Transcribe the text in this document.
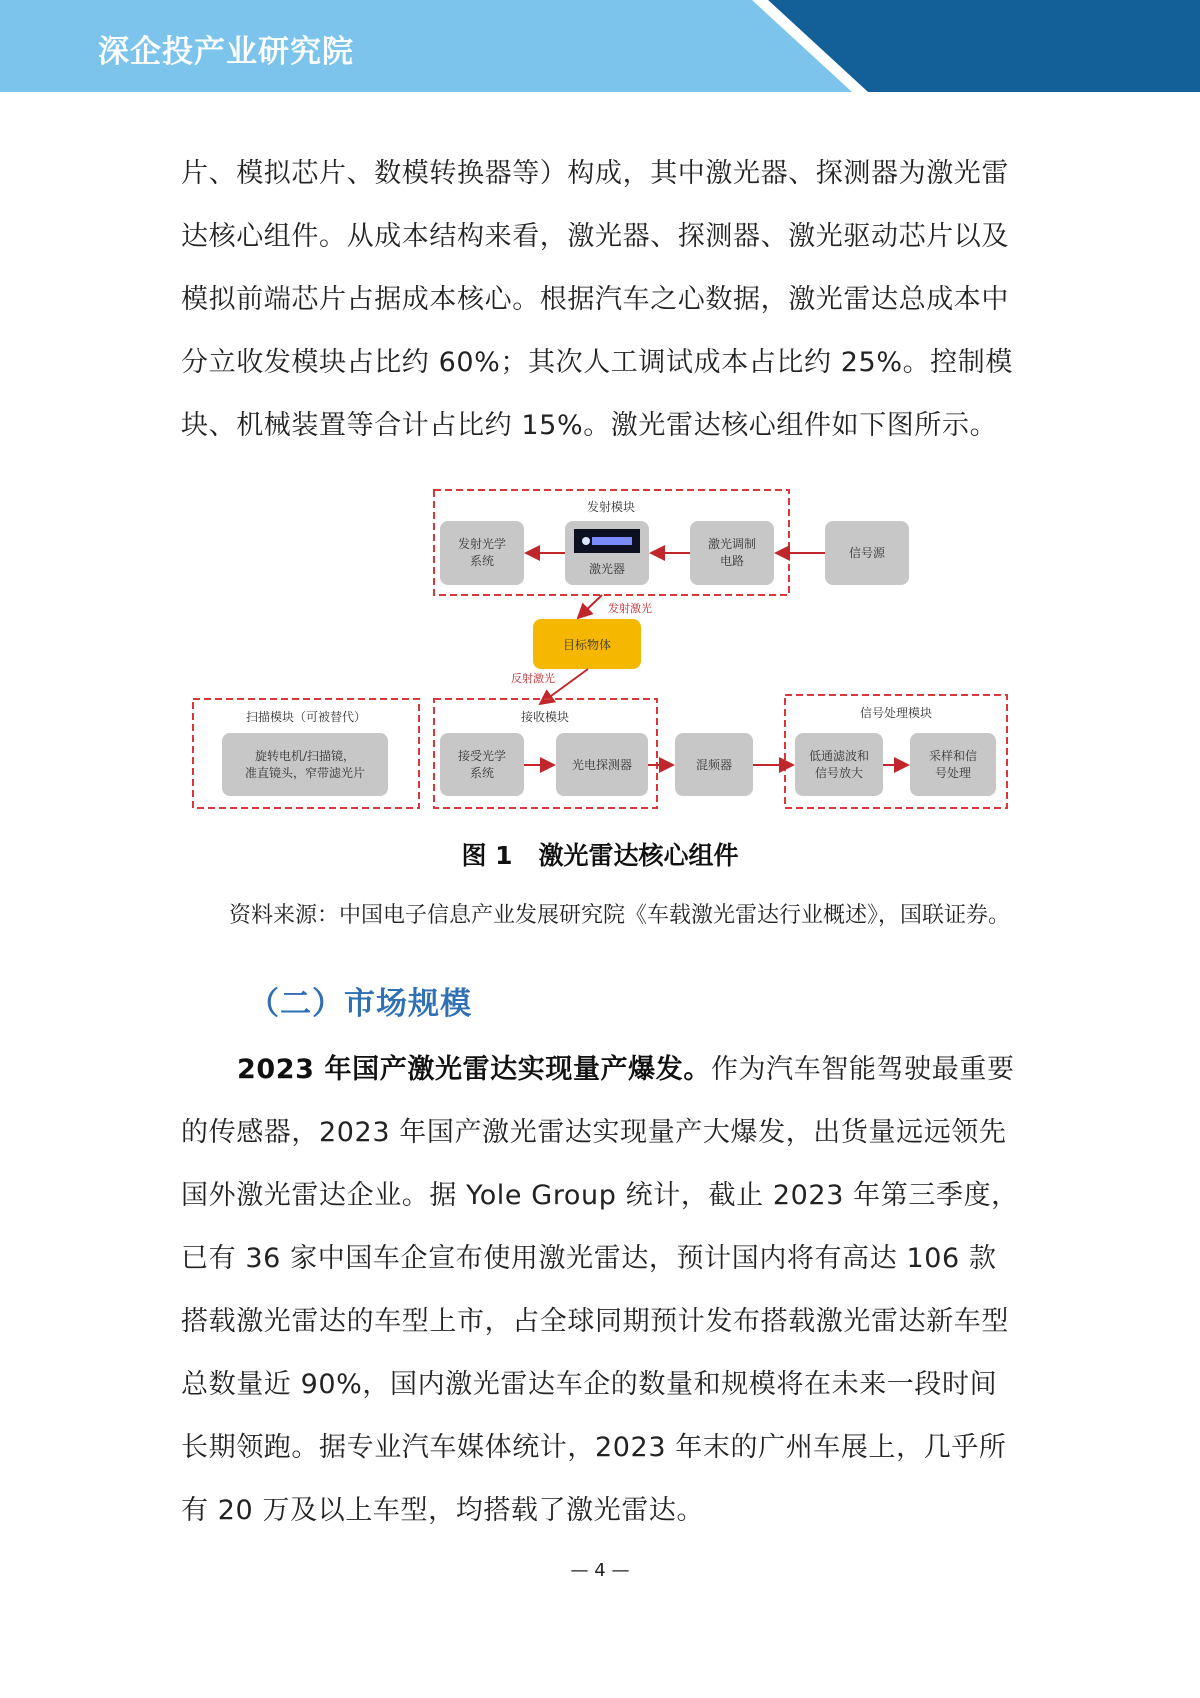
深企投产业研究院

片、模拟芯片、数模转换器等）构成，其中激光器、探测器为激光雷达核心组件。从成本结构来看，激光器、探测器、激光驱动芯片以及模拟前端芯片占据成本核心。根据汽车之心数据，激光雷达总成本中分立收发模块占比约 60%；其次人工调试成本占比约 25%。控制模块、机械装置等合计占比约 15%。激光雷达核心组件如下图所示。

发射模块
发射光学
系统
激光器
激光调制
电路
信号源
发射激光
目标物体
反射激光
扫描模块（可被替代）
旋转电机/扫描镜，
准直镜头，窄带滤光片
接收模块
接受光学
系统
光电探测器	混频器
信号处理模块
低通滤波和
信号放大
采样和信
号处理
图 1 激光雷达核心组件
资料来源：中国电子信息产业发展研究院《车载激光雷达行业概述》，国联证券。
（二）市场规模

2023 年国产激光雷达实现量产爆发。作为汽车智能驾驶最重要的传感器，2023 年国产激光雷达实现量产大爆发，出货量远远领先国外激光雷达企业。据 Yole Group 统计，截止 2023 年第三季度，已有 36 家中国车企宣布使用激光雷达，预计国内将有高达 106 款搭载激光雷达的车型上市，占全球同期预计发布搭载激光雷达新车型总数量近 90%，国内激光雷达车企的数量和规模将在未来一段时间长期领跑。据专业汽车媒体统计，2023 年末的广州车展上，几乎所有 20 万及以上车型，均搭载了激光雷达。

— 4 —
